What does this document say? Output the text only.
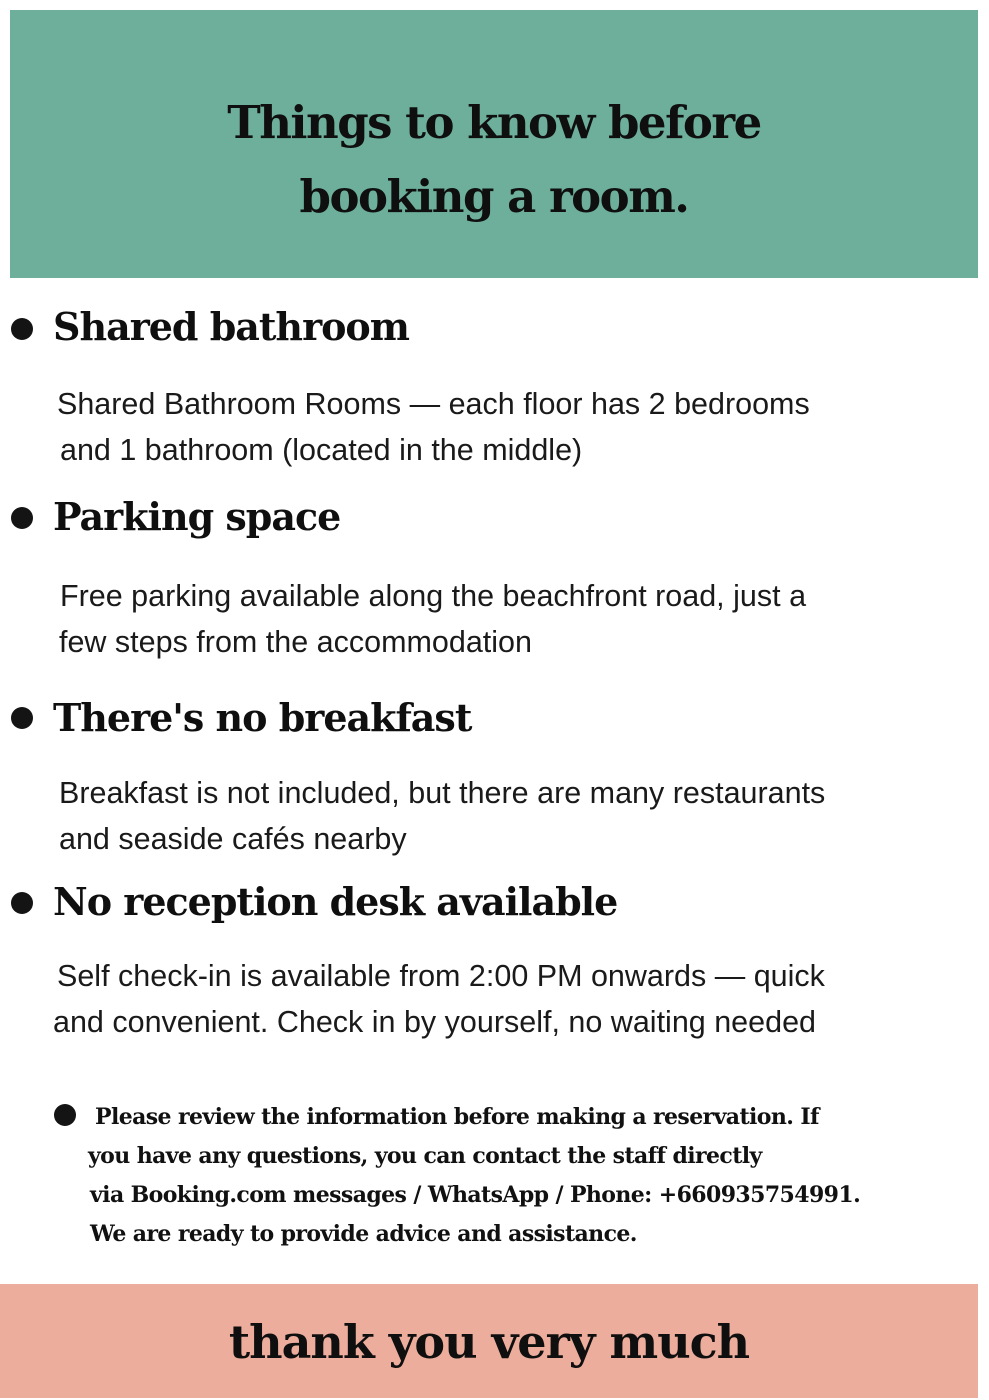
Things to know before
booking a room.
Shared bathroom

Shared Bathroom Rooms — each floor has 2 bedrooms
and 1 bathroom (located in the middle)

Parking space

Free parking available along the beachfront road, just a
few steps from the accommodation

There's no breakfast

Breakfast is not included, but there are many restaurants
and seaside cafés nearby

No reception desk available

Self check-in is available from 2:00 PM onwards — quick
and convenient. Check in by yourself, no waiting needed

Please review the information before making a reservation. If
you have any questions, you can contact the staff directly
via Booking.com messages / WhatsApp / Phone: +660935754991.
We are ready to provide advice and assistance.

thank you very much
